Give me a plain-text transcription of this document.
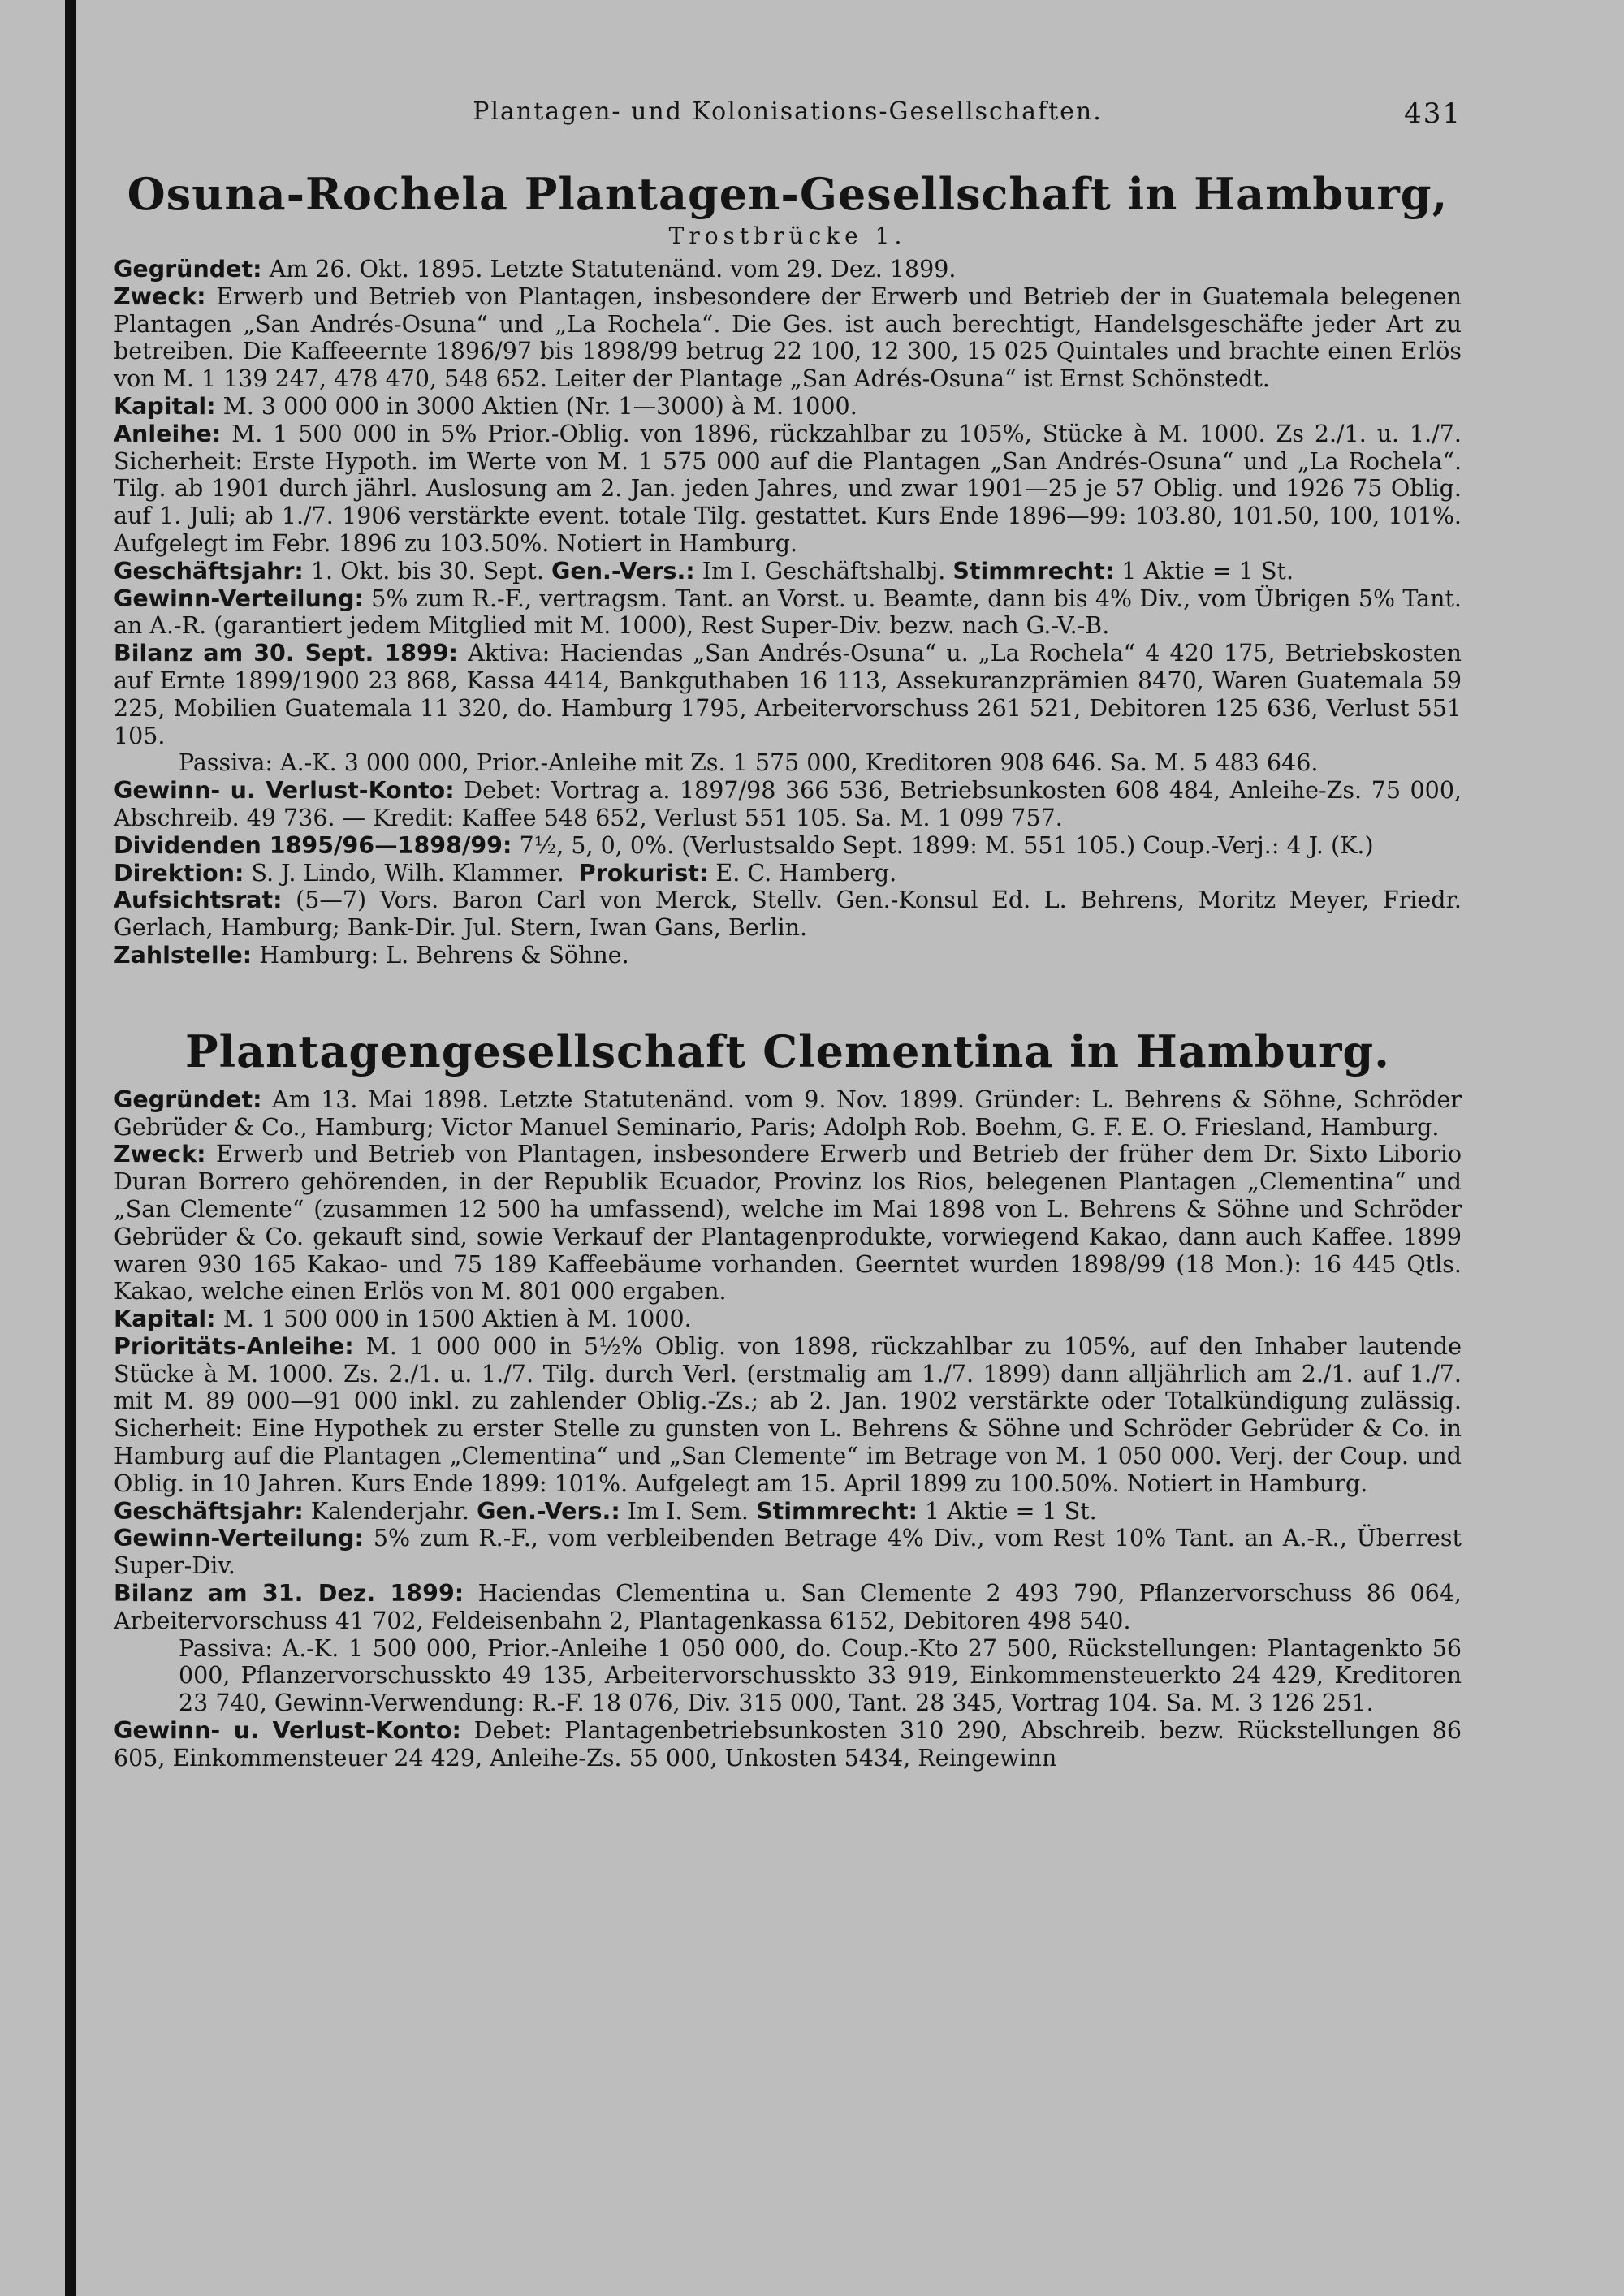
Plantagen- und Kolonisations-Gesellschaften.	431
Osuna-Rochela Plantagen-Gesellschaft in Hamburg,
Trostbrücke 1.

Gegründet: Am 26. Okt. 1895. Letzte Statutenänd. vom 29. Dez. 1899.

Zweck: Erwerb und Betrieb von Plantagen, insbesondere der Erwerb und Betrieb der in Guatemala belegenen Plantagen „San Andrés-Osuna“ und „La Rochela“. Die Ges. ist auch berechtigt, Handelsgeschäfte jeder Art zu betreiben. Die Kaffeeernte 1896/97 bis 1898/99 betrug 22 100, 12 300, 15 025 Quintales und brachte einen Erlös von M. 1 139 247, 478 470, 548 652. Leiter der Plantage „San Adrés-Osuna“ ist Ernst Schönstedt.

Kapital: M. 3 000 000 in 3000 Aktien (Nr. 1—3000) à M. 1000.

Anleihe: M. 1 500 000 in 5% Prior.-Oblig. von 1896, rückzahlbar zu 105%, Stücke à M. 1000. Zs 2./1. u. 1./7. Sicherheit: Erste Hypoth. im Werte von M. 1 575 000 auf die Plantagen „San Andrés-Osuna“ und „La Rochela“. Tilg. ab 1901 durch jährl. Auslosung am 2. Jan. jeden Jahres, und zwar 1901—25 je 57 Oblig. und 1926 75 Oblig. auf 1. Juli; ab 1./7. 1906 verstärkte event. totale Tilg. gestattet. Kurs Ende 1896—99: 103.80, 101.50, 100, 101%. Aufgelegt im Febr. 1896 zu 103.50%. Notiert in Hamburg.

Geschäftsjahr: 1. Okt. bis 30. Sept. Gen.-Vers.: Im I. Geschäftshalbj. Stimmrecht: 1 Aktie = 1 St.

Gewinn-Verteilung: 5% zum R.-F., vertragsm. Tant. an Vorst. u. Beamte, dann bis 4% Div., vom Übrigen 5% Tant. an A.-R. (garantiert jedem Mitglied mit M. 1000), Rest Super-Div. bezw. nach G.-V.-B.

Bilanz am 30. Sept. 1899: Aktiva: Haciendas „San Andrés-Osuna“ u. „La Rochela“ 4 420 175, Betriebskosten auf Ernte 1899/1900 23 868, Kassa 4414, Bankguthaben 16 113, Assekuranzprämien 8470, Waren Guatemala 59 225, Mobilien Guatemala 11 320, do. Hamburg 1795, Arbeitervorschuss 261 521, Debitoren 125 636, Verlust 551 105.

Passiva: A.-K. 3 000 000, Prior.-Anleihe mit Zs. 1 575 000, Kreditoren 908 646. Sa. M. 5 483 646.

Gewinn- u. Verlust-Konto: Debet: Vortrag a. 1897/98 366 536, Betriebsunkosten 608 484, Anleihe-Zs. 75 000, Abschreib. 49 736. — Kredit: Kaffee 548 652, Verlust 551 105. Sa. M. 1 099 757.

Dividenden 1895/96—1898/99: 7½, 5, 0, 0%. (Verlustsaldo Sept. 1899: M. 551 105.) Coup.-Verj.: 4 J. (K.)

Direktion: S. J. Lindo, Wilh. Klammer. Prokurist: E. C. Hamberg.

Aufsichtsrat: (5—7) Vors. Baron Carl von Merck, Stellv. Gen.-Konsul Ed. L. Behrens, Moritz Meyer, Friedr. Gerlach, Hamburg; Bank-Dir. Jul. Stern, Iwan Gans, Berlin.

Zahlstelle: Hamburg: L. Behrens & Söhne.

Plantagengesellschaft Clementina in Hamburg.

Gegründet: Am 13. Mai 1898. Letzte Statutenänd. vom 9. Nov. 1899. Gründer: L. Behrens & Söhne, Schröder Gebrüder & Co., Hamburg; Victor Manuel Seminario, Paris; Adolph Rob. Boehm, G. F. E. O. Friesland, Hamburg.

Zweck: Erwerb und Betrieb von Plantagen, insbesondere Erwerb und Betrieb der früher dem Dr. Sixto Liborio Duran Borrero gehörenden, in der Republik Ecuador, Provinz los Rios, belegenen Plantagen „Clementina“ und „San Clemente“ (zusammen 12 500 ha umfassend), welche im Mai 1898 von L. Behrens & Söhne und Schröder Gebrüder & Co. gekauft sind, sowie Verkauf der Plantagenprodukte, vorwiegend Kakao, dann auch Kaffee. 1899 waren 930 165 Kakao- und 75 189 Kaffeebäume vorhanden. Geerntet wurden 1898/99 (18 Mon.): 16 445 Qtls. Kakao, welche einen Erlös von M. 801 000 ergaben.

Kapital: M. 1 500 000 in 1500 Aktien à M. 1000.

Prioritäts-Anleihe: M. 1 000 000 in 5½% Oblig. von 1898, rückzahlbar zu 105%, auf den Inhaber lautende Stücke à M. 1000. Zs. 2./1. u. 1./7. Tilg. durch Verl. (erstmalig am 1./7. 1899) dann alljährlich am 2./1. auf 1./7. mit M. 89 000—91 000 inkl. zu zahlender Oblig.-Zs.; ab 2. Jan. 1902 verstärkte oder Totalkündigung zulässig. Sicherheit: Eine Hypothek zu erster Stelle zu gunsten von L. Behrens & Söhne und Schröder Gebrüder & Co. in Hamburg auf die Plantagen „Clementina“ und „San Clemente“ im Betrage von M. 1 050 000. Verj. der Coup. und Oblig. in 10 Jahren. Kurs Ende 1899: 101%. Aufgelegt am 15. April 1899 zu 100.50%. Notiert in Hamburg.

Geschäftsjahr: Kalenderjahr. Gen.-Vers.: Im I. Sem. Stimmrecht: 1 Aktie = 1 St.

Gewinn-Verteilung: 5% zum R.-F., vom verbleibenden Betrage 4% Div., vom Rest 10% Tant. an A.-R., Überrest Super-Div.

Bilanz am 31. Dez. 1899: Haciendas Clementina u. San Clemente 2 493 790, Pflanzervorschuss 86 064, Arbeitervorschuss 41 702, Feldeisenbahn 2, Plantagenkassa 6152, Debitoren 498 540.

Passiva: A.-K. 1 500 000, Prior.-Anleihe 1 050 000, do. Coup.-Kto 27 500, Rückstellungen: Plantagenkto 56 000, Pflanzervorschusskto 49 135, Arbeitervorschusskto 33 919, Einkommensteuerkto 24 429, Kreditoren 23 740, Gewinn-Verwendung: R.-F. 18 076, Div. 315 000, Tant. 28 345, Vortrag 104. Sa. M. 3 126 251.

Gewinn- u. Verlust-Konto: Debet: Plantagenbetriebsunkosten 310 290, Abschreib. bezw. Rückstellungen 86 605, Einkommensteuer 24 429, Anleihe-Zs. 55 000, Unkosten 5434, Reingewinn
